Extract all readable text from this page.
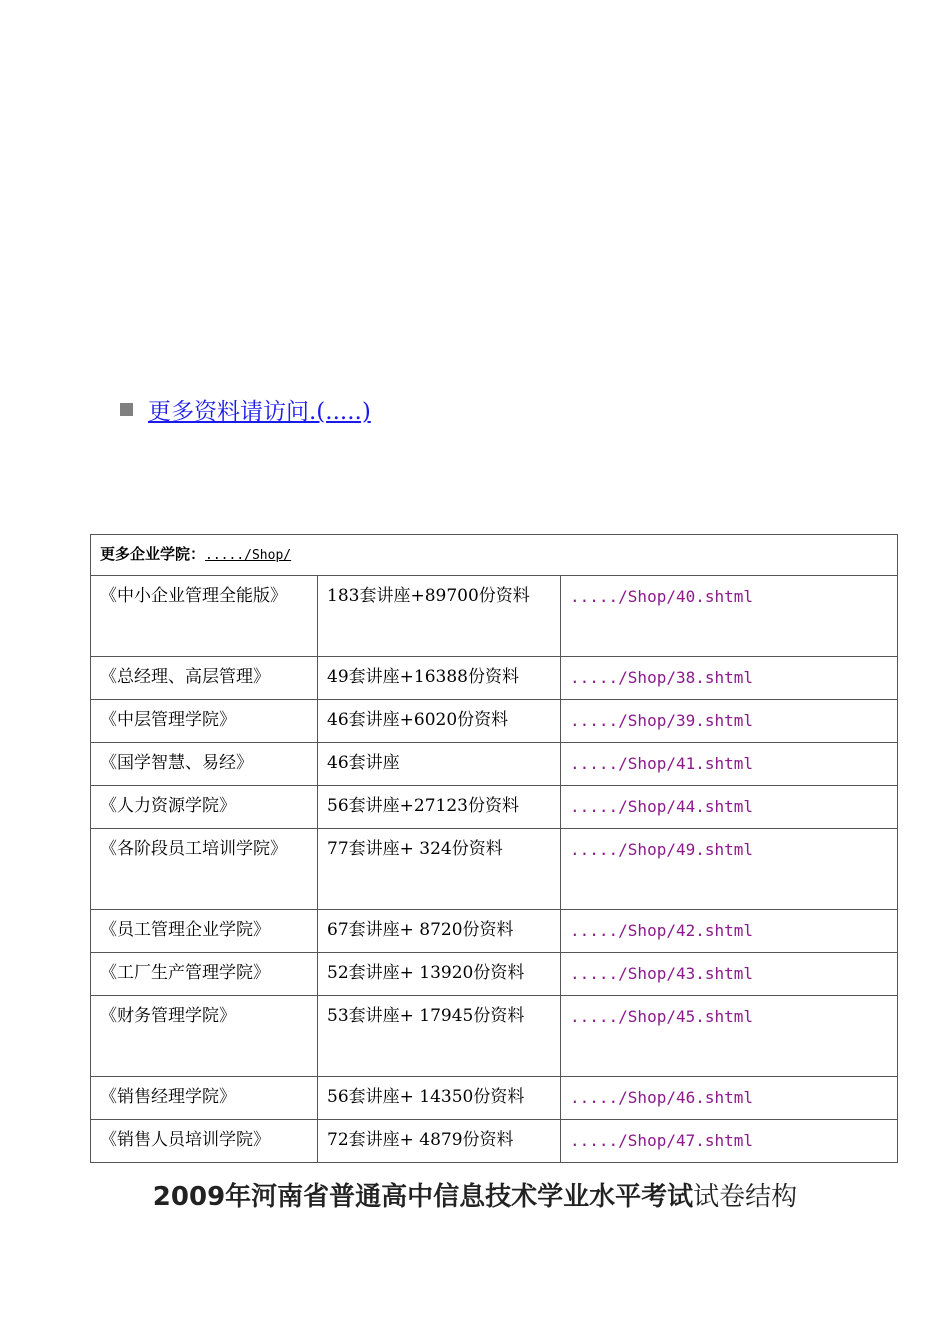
更多资料请访问.(.....)
更多企业学院：...../Shop/		
《中小企业管理全能版》	183套讲座+89700份资料	...../Shop/40.shtml
《总经理、高层管理》	49套讲座+16388份资料	...../Shop/38.shtml
《中层管理学院》	46套讲座+6020份资料	...../Shop/39.shtml
《国学智慧、易经》	46套讲座	...../Shop/41.shtml
《人力资源学院》	56套讲座+27123份资料	...../Shop/44.shtml
《各阶段员工培训学院》	77套讲座+ 324份资料	...../Shop/49.shtml
《员工管理企业学院》	67套讲座+ 8720份资料	...../Shop/42.shtml
《工厂生产管理学院》	52套讲座+ 13920份资料	...../Shop/43.shtml
《财务管理学院》	53套讲座+ 17945份资料	...../Shop/45.shtml
《销售经理学院》	56套讲座+ 14350份资料	...../Shop/46.shtml
《销售人员培训学院》	72套讲座+ 4879份资料	...../Shop/47.shtml
2009年河南省普通高中信息技术学业水平考试试卷结构
